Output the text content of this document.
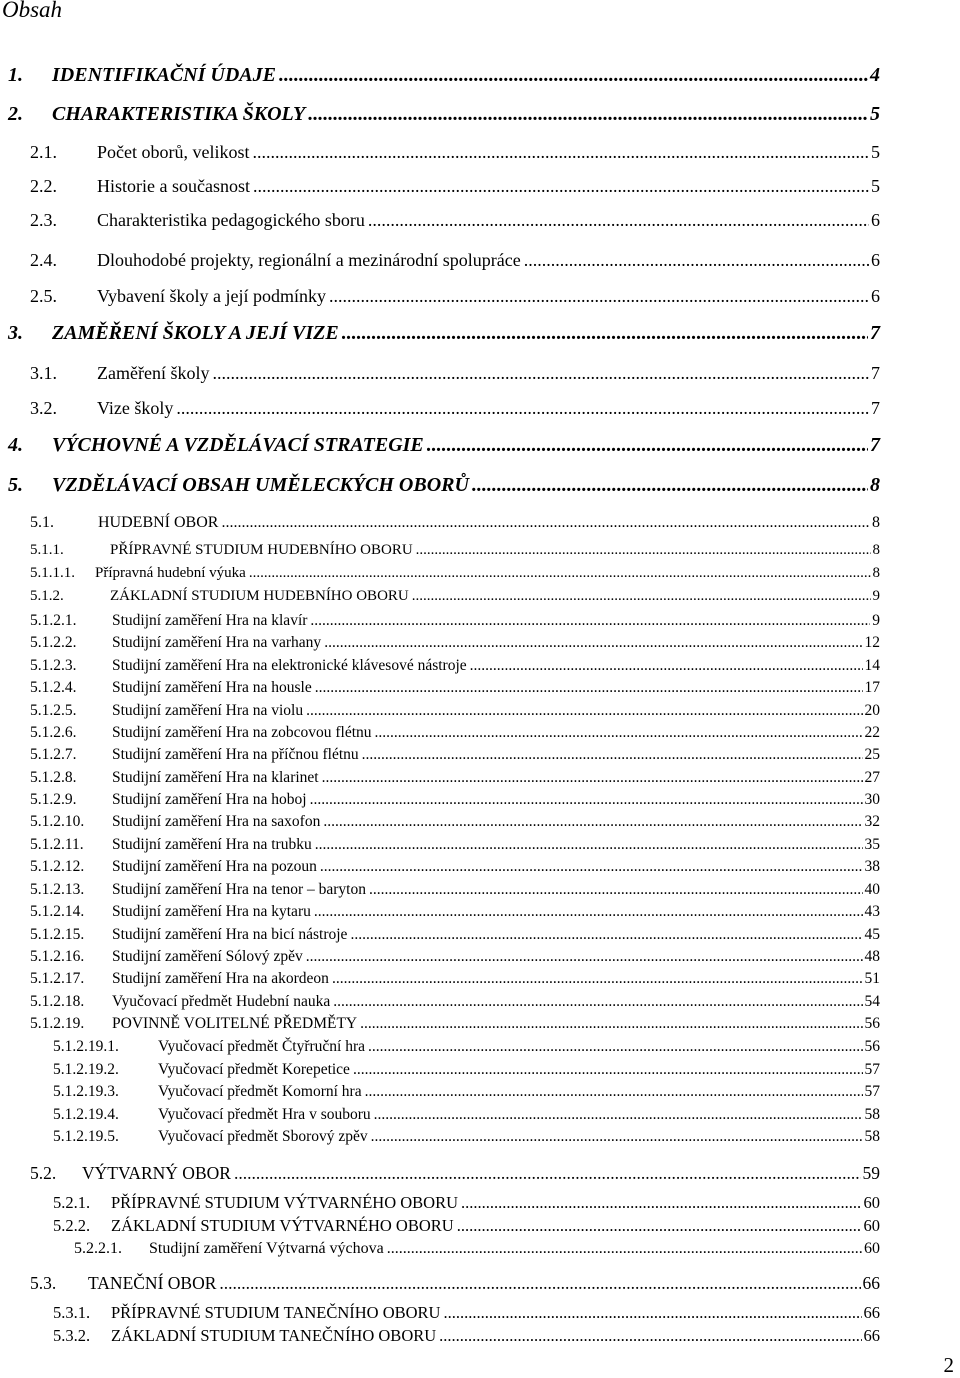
Obsah
1.	IDENTIFIKAČNÍ ÚDAJE .....	4
2.	CHARAKTERISTIKA ŠKOLY .....	5
2.1.	Počet oborů, velikost .....	5
2.2.	Historie a současnost .....	5
2.3.	Charakteristika pedagogického sboru .....	6
2.4.	Dlouhodobé projekty, regionální a mezinárodní spolupráce .....	6
2.5.	Vybavení školy a její podmínky .....	6
3.	ZAMĚŘENÍ ŠKOLY A JEJÍ VIZE .....	7
3.1.	Zaměření školy .....	7
3.2.	Vize školy .....	7
4.	VÝCHOVNÉ A VZDĚLÁVACÍ STRATEGIE .....	7
5.	VZDĚLÁVACÍ OBSAH UMĚLECKÝCH OBORŮ .....	8
5.1.	HUDEBNÍ OBOR .....	8
5.1.1.	PŘÍPRAVNÉ STUDIUM HUDEBNÍHO OBORU .....	8
5.1.1.1.	Přípravná hudební výuka .....	8
5.1.2.	ZÁKLADNÍ STUDIUM HUDEBNÍHO OBORU .....	9
5.1.2.1.	Studijní zaměření Hra na klavír .....	9
5.1.2.2.	Studijní zaměření Hra na varhany .....	12
5.1.2.3.	Studijní zaměření Hra na elektronické klávesové nástroje .....	14
5.1.2.4.	Studijní zaměření Hra na housle .....	17
5.1.2.5.	Studijní zaměření Hra na violu .....	20
5.1.2.6.	Studijní zaměření Hra na zobcovou flétnu .....	22
5.1.2.7.	Studijní zaměření Hra na příčnou flétnu .....	25
5.1.2.8.	Studijní zaměření Hra na klarinet .....	27
5.1.2.9.	Studijní zaměření Hra na hoboj .....	30
5.1.2.10.	Studijní zaměření Hra na saxofon .....	32
5.1.2.11.	Studijní zaměření Hra na trubku .....	35
5.1.2.12.	Studijní zaměření Hra na pozoun .....	38
5.1.2.13.	Studijní zaměření Hra na tenor – baryton .....	40
5.1.2.14.	Studijní zaměření Hra na kytaru .....	43
5.1.2.15.	Studijní zaměření Hra na bicí nástroje .....	45
5.1.2.16.	Studijní zaměření Sólový zpěv .....	48
5.1.2.17.	Studijní zaměření Hra na akordeon .....	51
5.1.2.18.	Vyučovací předmět Hudební nauka .....	54
5.1.2.19.	POVINNĚ VOLITELNÉ PŘEDMĚTY .....	56
5.1.2.19.1.	Vyučovací předmět Čtyřruční hra .....	56
5.1.2.19.2.	Vyučovací předmět Korepetice .....	57
5.1.2.19.3.	Vyučovací předmět Komorní hra .....	57
5.1.2.19.4.	Vyučovací předmět Hra v souboru .....	58
5.1.2.19.5.	Vyučovací předmět Sborový zpěv .....	58
5.2.	VÝTVARNÝ OBOR .....	59
5.2.1.	PŘÍPRAVNÉ STUDIUM VÝTVARNÉHO OBORU .....	60
5.2.2.	ZÁKLADNÍ STUDIUM VÝTVARNÉHO OBORU .....	60
5.2.2.1.	Studijní zaměření Výtvarná výchova .....	60
5.3.	TANEČNÍ OBOR .....	66
5.3.1.	PŘÍPRAVNÉ STUDIUM TANEČNÍHO OBORU .....	66
5.3.2.	ZÁKLADNÍ STUDIUM TANEČNÍHO OBORU .....	66
2
